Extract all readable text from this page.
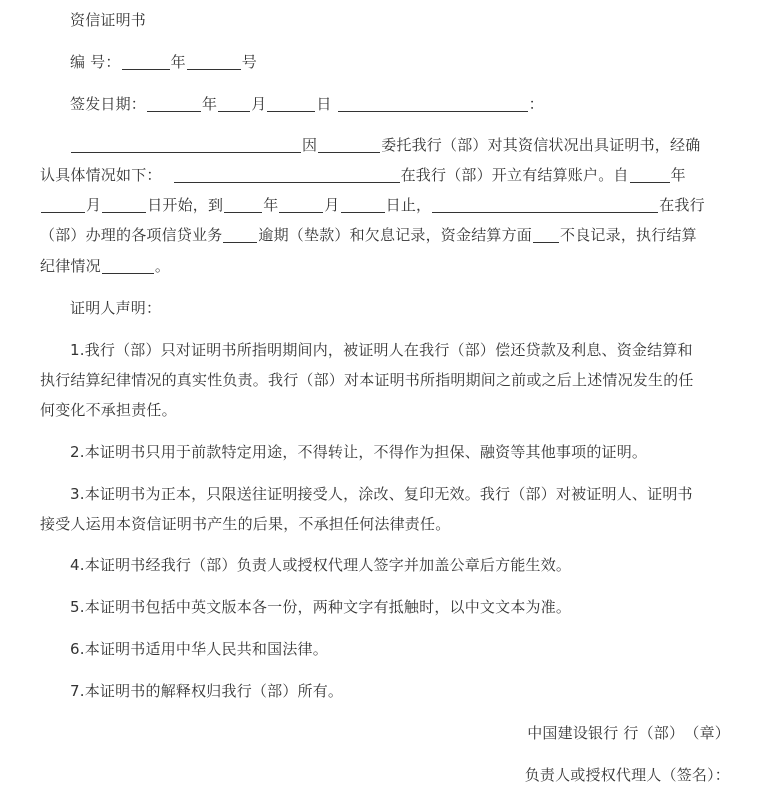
资信证明书
编 号：	年	号
签发日期：	年 月	日	：
因	委托我行（部）对其资信状况出具证明书，经确
认具体情况如下：	在我行（部）开立有结算账户。自	年
月	日开始，到	年	月	日止，	在我行
（部）办理的各项信贷业务 逾期（垫款）和欠息记录，资金结算方面 不良记录，执行结算
纪律情况	。
证明人声明：
1.我行（部）只对证明书所指明期间内，被证明人在我行（部）偿还贷款及利息、资金结算和
执行结算纪律情况的真实性负责。我行（部）对本证明书所指明期间之前或之后上述情况发生的任
何变化不承担责任。
2.本证明书只用于前款特定用途，不得转让，不得作为担保、融资等其他事项的证明。
3.本证明书为正本，只限送往证明接受人，涂改、复印无效。我行（部）对被证明人、证明书
接受人运用本资信证明书产生的后果，不承担任何法律责任。
4.本证明书经我行（部）负责人或授权代理人签字并加盖公章后方能生效。
5.本证明书包括中英文版本各一份，两种文字有抵触时，以中文文本为准。
6.本证明书适用中华人民共和国法律。
7.本证明书的解释权归我行（部）所有。
中国建设银行 行（部）　（章）
负责人或授权代理人（签名）：
